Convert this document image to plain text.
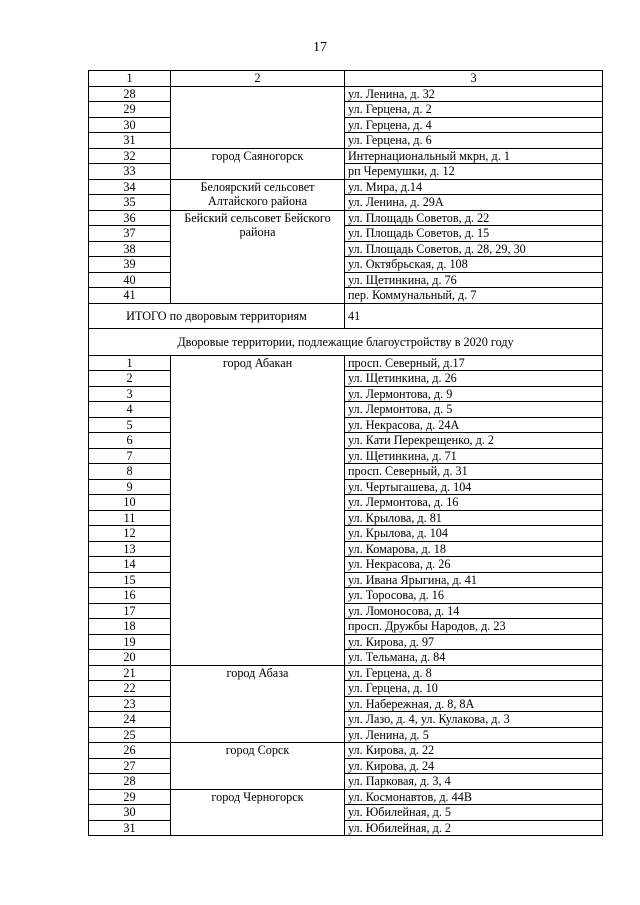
17
1	2	3
28		ул. Ленина, д. 32
29		ул. Герцена, д. 2
30		ул. Герцена, д. 4
31		ул. Герцена, д. 6
32	город Саяногорск	Интернациональный мкрн, д. 1
33		рп Черемушки, д. 12
34	Белоярский сельсовет Алтайского района	ул. Мира, д.14
35		ул. Ленина, д. 29А
36	Бейский сельсовет Бейского района	ул. Площадь Советов, д. 22
37		ул. Площадь Советов, д. 15
38		ул. Площадь Советов, д. 28, 29, 30
39		ул. Октябрьская, д. 108
40		ул. Щетинкина, д. 76
41		пер. Коммунальный, д. 7
ИТОГО по дворовым территориям		41
Дворовые территории, подлежащие благоустройству в 2020 году		
1	город Абакан	просп. Северный, д.17
2		ул. Щетинкина, д. 26
3		ул. Лермонтова, д. 9
4		ул. Лермонтова, д. 5
5		ул. Некрасова, д. 24А
6		ул. Кати Перекрещенко, д. 2
7		ул. Щетинкина, д. 71
8		просп. Северный, д. 31
9		ул. Чертыгашева, д. 104
10		ул. Лермонтова, д. 16
11		ул. Крылова, д. 81
12		ул. Крылова, д. 104
13		ул. Комарова, д. 18
14		ул. Некрасова, д. 26
15		ул. Ивана Ярыгина, д. 41
16		ул. Торосова, д. 16
17		ул. Ломоносова, д. 14
18		просп. Дружбы Народов, д. 23
19		ул. Кирова, д. 97
20		ул. Тельмана, д. 84
21	город Абаза	ул. Герцена, д. 8
22		ул. Герцена, д. 10
23		ул. Набережная, д. 8, 8А
24		ул. Лазо, д. 4, ул. Кулакова, д. 3
25		ул. Ленина, д. 5
26	город Сорск	ул. Кирова, д. 22
27		ул. Кирова, д. 24
28		ул. Парковая, д. 3, 4
29	город Черногорск	ул. Космонавтов, д. 44В
30		ул. Юбилейная, д. 5
31		ул. Юбилейная, д. 2
